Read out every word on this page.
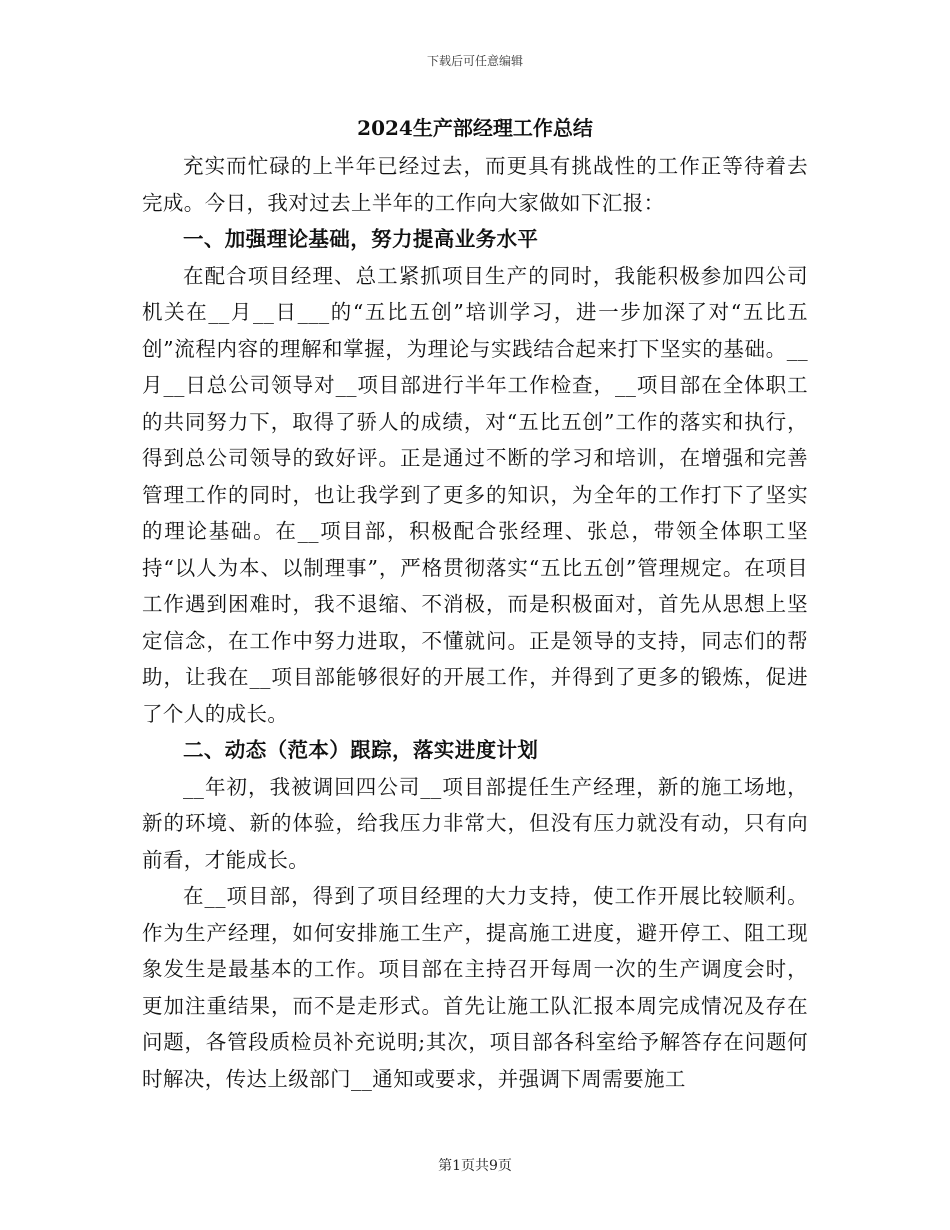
下载后可任意编辑
2024生产部经理工作总结

充实而忙碌的上半年已经过去，而更具有挑战性的工作正等待着去完成。今日，我对过去上半年的工作向大家做如下汇报：

一、加强理论基础，努力提高业务水平

在配合项目经理、总工紧抓项目生产的同时，我能积极参加四公司机关在__月__日___的“五比五创”培训学习，进一步加深了对“五比五创”流程内容的理解和掌握，为理论与实践结合起来打下坚实的基础。__月__日总公司领导对__项目部进行半年工作检查，__项目部在全体职工的共同努力下，取得了骄人的成绩，对“五比五创”工作的落实和执行，得到总公司领导的致好评。正是通过不断的学习和培训，在增强和完善管理工作的同时，也让我学到了更多的知识，为全年的工作打下了坚实的理论基础。在__项目部，积极配合张经理、张总，带领全体职工坚持“以人为本、以制理事”，严格贯彻落实“五比五创”管理规定。在项目工作遇到困难时，我不退缩、不消极，而是积极面对，首先从思想上坚定信念，在工作中努力进取，不懂就问。正是领导的支持，同志们的帮助，让我在__项目部能够很好的开展工作，并得到了更多的锻炼，促进了个人的成长。

二、动态（范本）跟踪，落实进度计划

__年初，我被调回四公司__项目部提任生产经理，新的施工场地，新的环境、新的体验，给我压力非常大，但没有压力就没有动，只有向前看，才能成长。

在__项目部，得到了项目经理的大力支持，使工作开展比较顺利。作为生产经理，如何安排施工生产，提高施工进度，避开停工、阻工现象发生是最基本的工作。项目部在主持召开每周一次的生产调度会时，更加注重结果，而不是走形式。首先让施工队汇报本周完成情况及存在问题，各管段质检员补充说明;其次，项目部各科室给予解答存在问题何时解决，传达上级部门__通知或要求，并强调下周需要施工

第1页共9页
